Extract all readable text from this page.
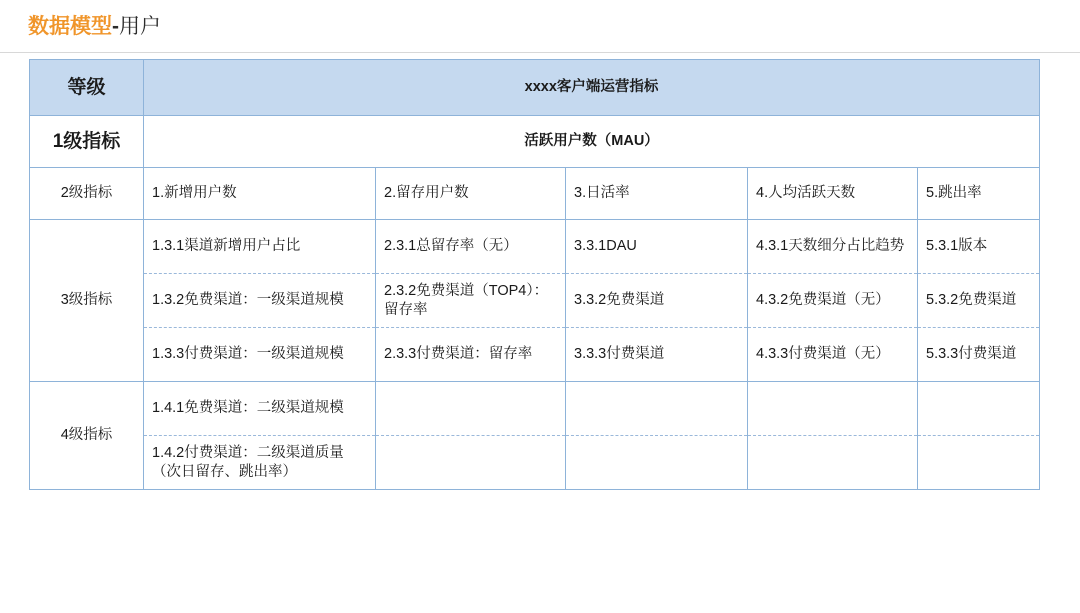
数据模型-用户
等级	xxxx客户端运营指标				
1级指标	活跃用户数（MAU）				
2级指标	1.新增用户数	2.留存用户数	3.日活率	4.人均活跃天数	5.跳出率
3级指标	1.3.1渠道新增用户占比	2.3.1总留存率（无）	3.3.1DAU	4.3.1天数细分占比趋势	5.3.1版本
	1.3.2免费渠道：一级渠道规模	2.3.2免费渠道（TOP4）：留存率	3.3.2免费渠道	4.3.2免费渠道（无）	5.3.2免费渠道
	1.3.3付费渠道：一级渠道规模	2.3.3付费渠道：留存率	3.3.3付费渠道	4.3.3付费渠道（无）	5.3.3付费渠道
4级指标	1.4.1免费渠道：二级渠道规模				
	1.4.2付费渠道：二级渠道质量（次日留存、跳出率）				
